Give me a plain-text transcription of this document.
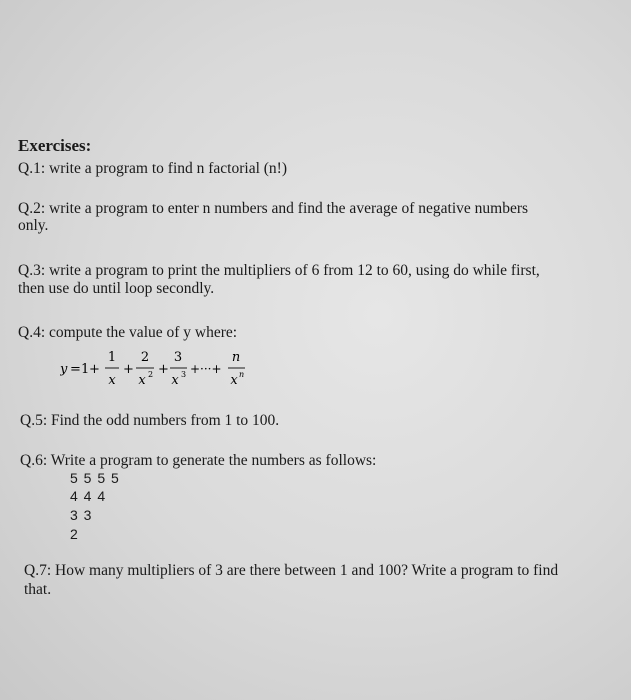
Exercises:

Q.1: write a program to find n factorial (n!)

Q.2: write a program to enter n numbers and find the average of negative numbers

only.

Q.3: write a program to print the multipliers of 6 from 12 to 60, using do while first,

then use do until loop secondly.

Q.4: compute the value of y where:

y = 1 +
1
x
+
2
x 2 +
3
x 3 +···+
n
x n

Q.5: Find the odd numbers from 1 to 100.

Q.6: Write a program to generate the numbers as follows:

5 5 5 5

4 4 4

3 3

2

Q.7: How many multipliers of 3 are there between 1 and 100? Write a program to find

that.
